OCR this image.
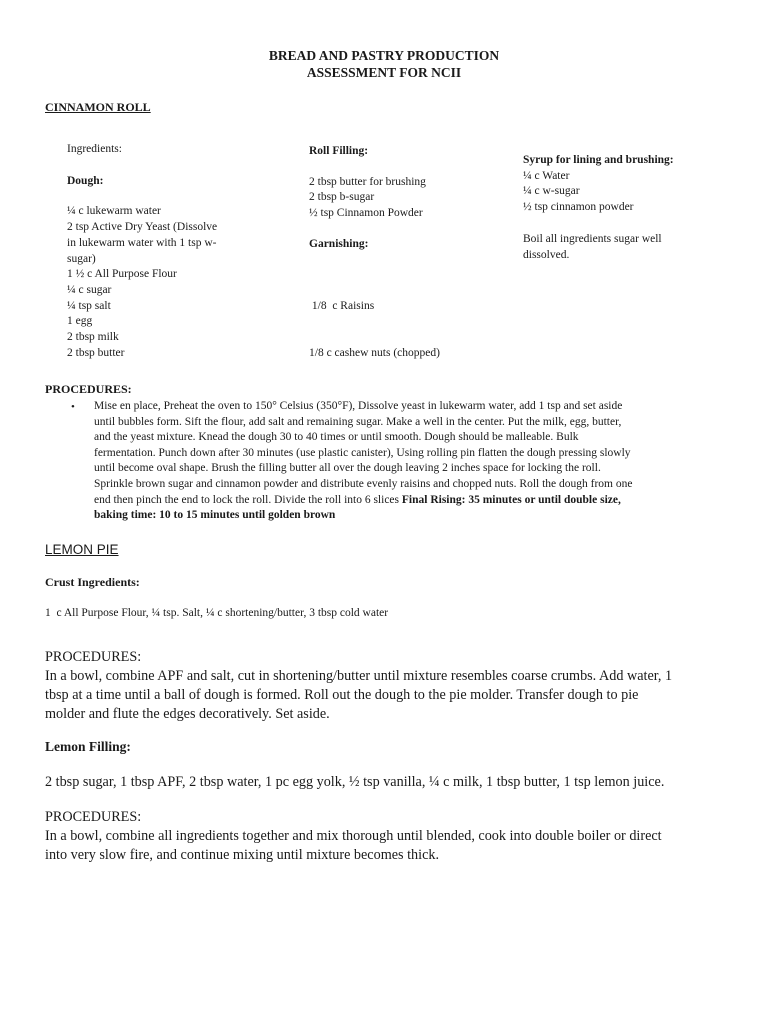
BREAD AND PASTRY PRODUCTION
ASSESSMENT FOR NCII
CINNAMON ROLL
Ingredients:
Dough:
¼ c lukewarm water
2 tsp Active Dry Yeast (Dissolve
in lukewarm water with 1 tsp w-
sugar)
1 ½ c All Purpose Flour
¼ c sugar
¼ tsp salt
1 egg
2 tbsp milk
2 tbsp butter
Roll Filling:
2 tbsp butter for brushing
2 tbsp b-sugar
½ tsp Cinnamon Powder
Garnishing:

1/8  c Raisins

1/8 c cashew nuts (chopped)

Syrup for lining and brushing:
¼ c Water
¼ c w-sugar
½ tsp cinnamon powder
Boil all ingredients sugar well
dissolved.
PROCEDURES:
• Mise en place, Preheat the oven to 150° Celsius (350°F), Dissolve yeast in lukewarm water, add 1 tsp and set aside
until bubbles form. Sift the flour, add salt and remaining sugar. Make a well in the center. Put the milk, egg, butter,
and the yeast mixture. Knead the dough 30 to 40 times or until smooth. Dough should be malleable. Bulk
fermentation. Punch down after 30 minutes (use plastic canister), Using rolling pin flatten the dough pressing slowly
until become oval shape. Brush the filling butter all over the dough leaving 2 inches space for locking the roll.
Sprinkle brown sugar and cinnamon powder and distribute evenly raisins and chopped nuts. Roll the dough from one
end then pinch the end to lock the roll. Divide the roll into 6 slices Final Rising: 35 minutes or until double size,
baking time: 10 to 15 minutes until golden brown
LEMON PIE
Crust Ingredients:
1  c All Purpose Flour, ¼ tsp. Salt, ¼ c shortening/butter, 3 tbsp cold water
PROCEDURES:
In a bowl, combine APF and salt, cut in shortening/butter until mixture resembles coarse crumbs. Add water, 1
tbsp at a time until a ball of dough is formed. Roll out the dough to the pie molder. Transfer dough to pie
molder and flute the edges decoratively. Set aside.
Lemon Filling:
2 tbsp sugar, 1 tbsp APF, 2 tbsp water, 1 pc egg yolk, ½ tsp vanilla, ¼ c milk, 1 tbsp butter, 1 tsp lemon juice.
PROCEDURES:
In a bowl, combine all ingredients together and mix thorough until blended, cook into double boiler or direct
into very slow fire, and continue mixing until mixture becomes thick.
